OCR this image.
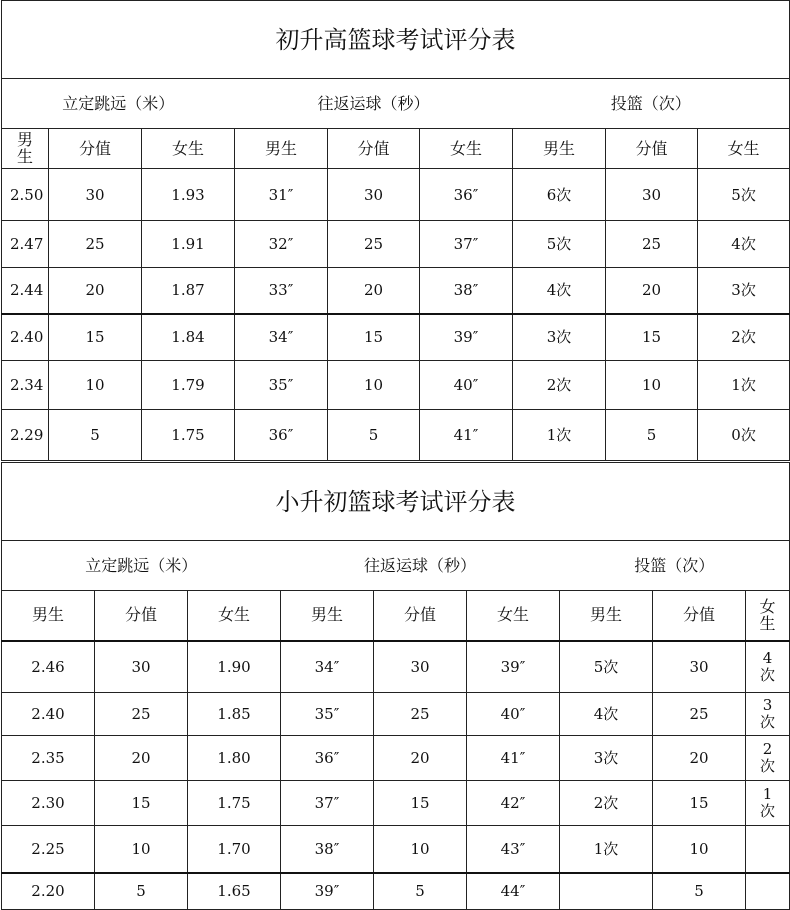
初升高篮球考试评分表								
立定跳远（米）			往返运球（秒）			投篮（次）		
男生	分值	女生	男生	分值	女生	男生	分值	女生
2.50	30	1.93	31″	30	36″	6次	30	5次
2.47	25	1.91	32″	25	37″	5次	25	4次
2.44	20	1.87	33″	20	38″	4次	20	3次
2.40	15	1.84	34″	15	39″	3次	15	2次
2.34	10	1.79	35″	10	40″	2次	10	1次
2.29	5	1.75	36″	5	41″	1次	5	0次
小升初篮球考试评分表								
立定跳远（米）			往返运球（秒）			投篮（次）		
男生	分值	女生	男生	分值	女生	男生	分值	女生
2.46	30	1.90	34″	30	39″	5次	30	4次
2.40	25	1.85	35″	25	40″	4次	25	3次
2.35	20	1.80	36″	20	41″	3次	20	2次
2.30	15	1.75	37″	15	42″	2次	15	1次
2.25	10	1.70	38″	10	43″	1次	10	
2.20	5	1.65	39″	5	44″		5	
